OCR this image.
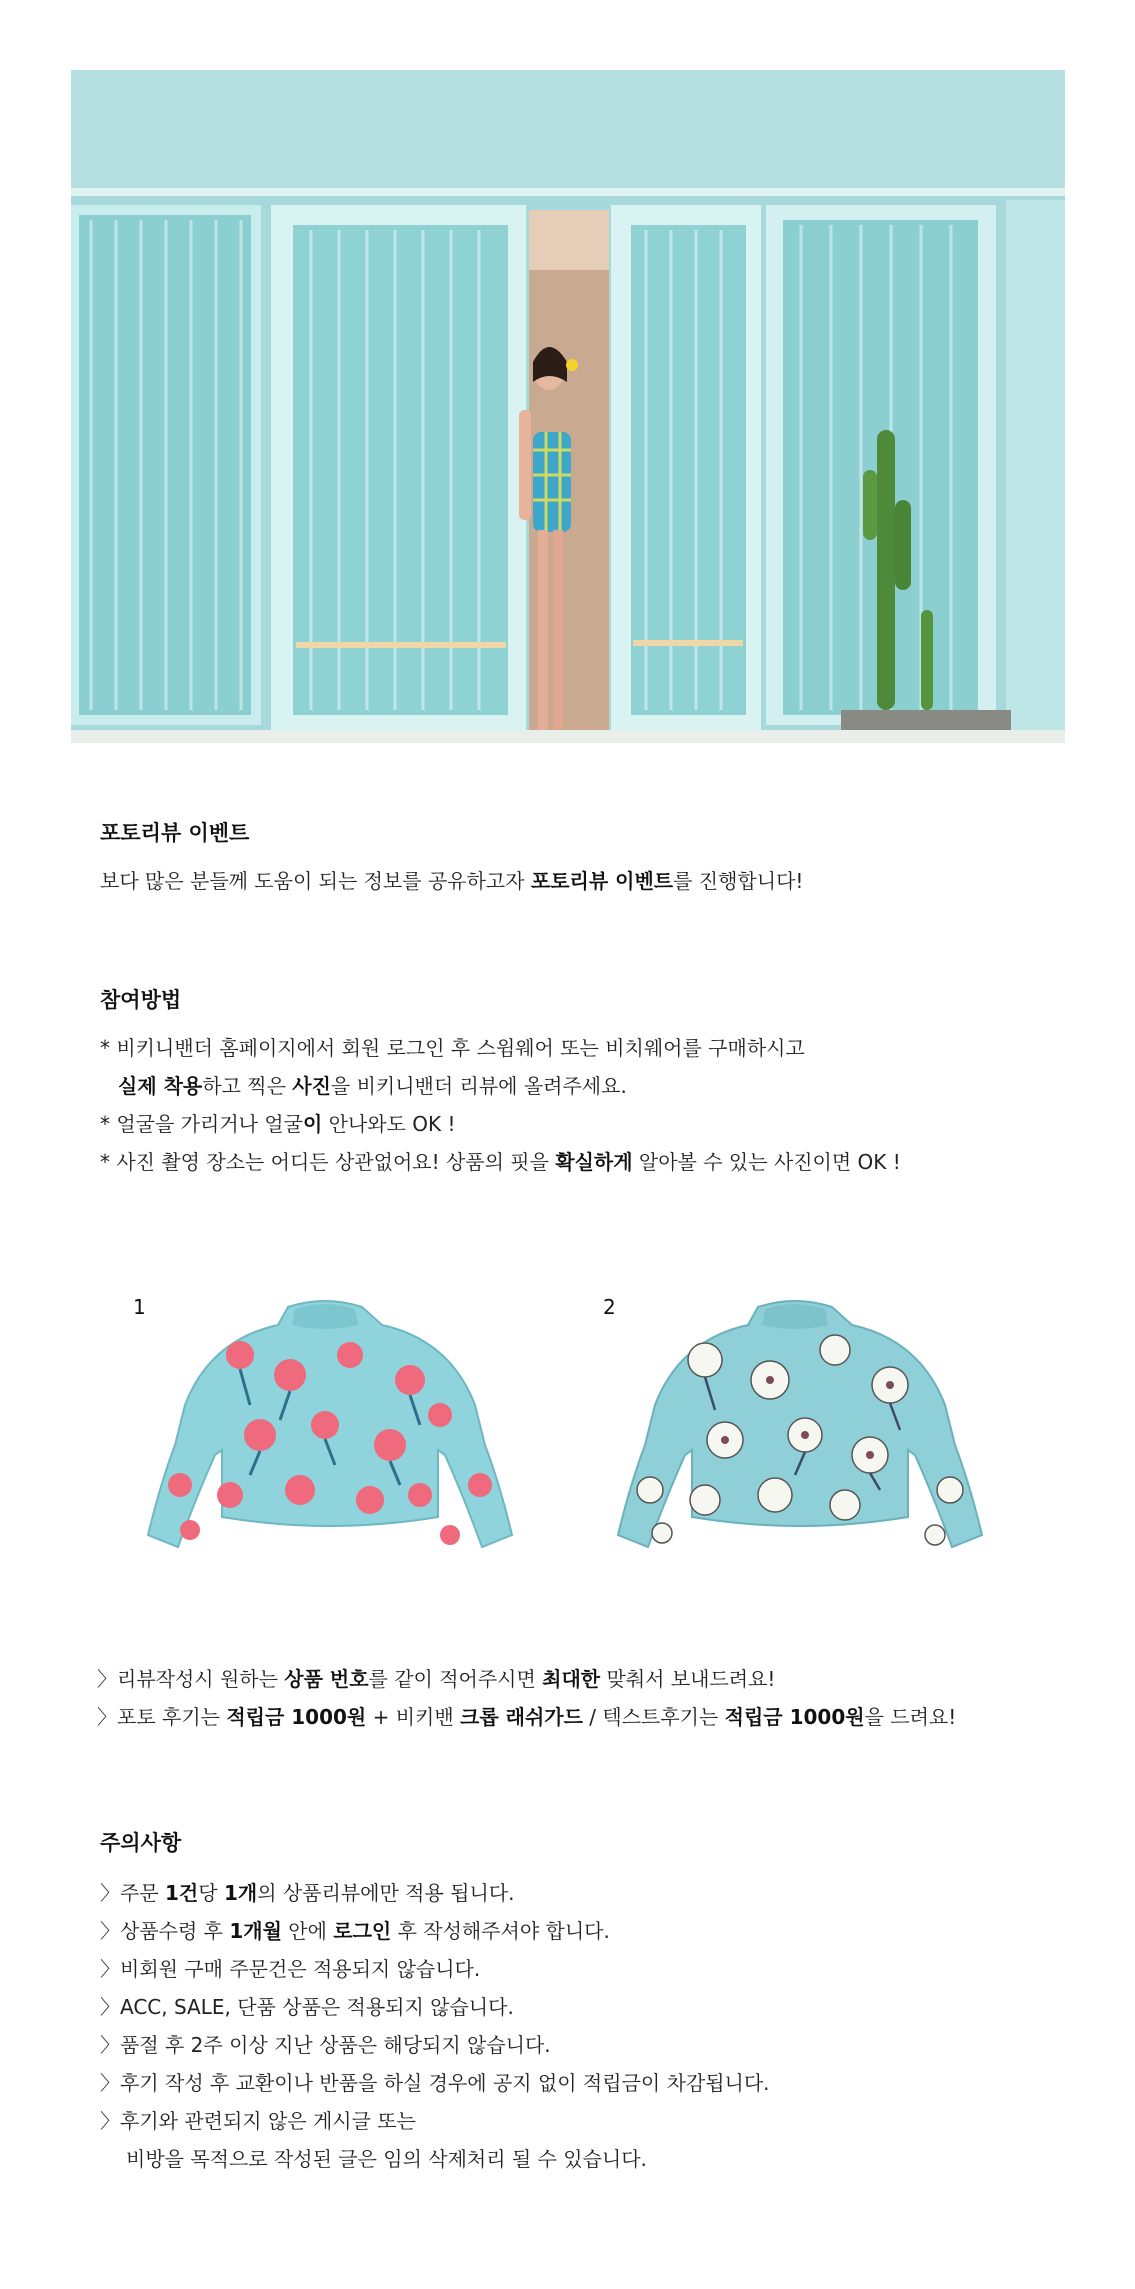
포토리뷰 이벤트

보다 많은 분들께 도움이 되는 정보를 공유하고자 포토리뷰 이벤트를 진행합니다!

참여방법

* 비키니밴더 홈페이지에서 회원 로그인 후 스윔웨어 또는 비치웨어를 구매하시고

실제 착용하고 찍은 사진을 비키니밴더 리뷰에 올려주세요.

* 얼굴을 가리거나 얼굴이 안나와도 OK !

* 사진 촬영 장소는 어디든 상관없어요! 상품의 핏을 확실하게 알아볼 수 있는 사진이면 OK !

1	2

〉리뷰작성시 원하는 상품 번호를 같이 적어주시면 최대한 맞춰서 보내드려요!

〉포토 후기는 적립금 1000원 + 비키밴 크롭 래쉬가드 / 텍스트후기는 적립금 1000원을 드려요!

주의사항

〉주문 1건당 1개의 상품리뷰에만 적용 됩니다.

〉상품수령 후 1개월 안에 로그인 후 작성해주셔야 합니다.

〉비회원 구매 주문건은 적용되지 않습니다.

〉ACC, SALE, 단품 상품은 적용되지 않습니다.

〉품절 후 2주 이상 지난 상품은 해당되지 않습니다.

〉후기 작성 후 교환이나 반품을 하실 경우에 공지 없이 적립금이 차감됩니다.

〉후기와 관련되지 않은 게시글 또는

비방을 목적으로 작성된 글은 임의 삭제처리 될 수 있습니다.
